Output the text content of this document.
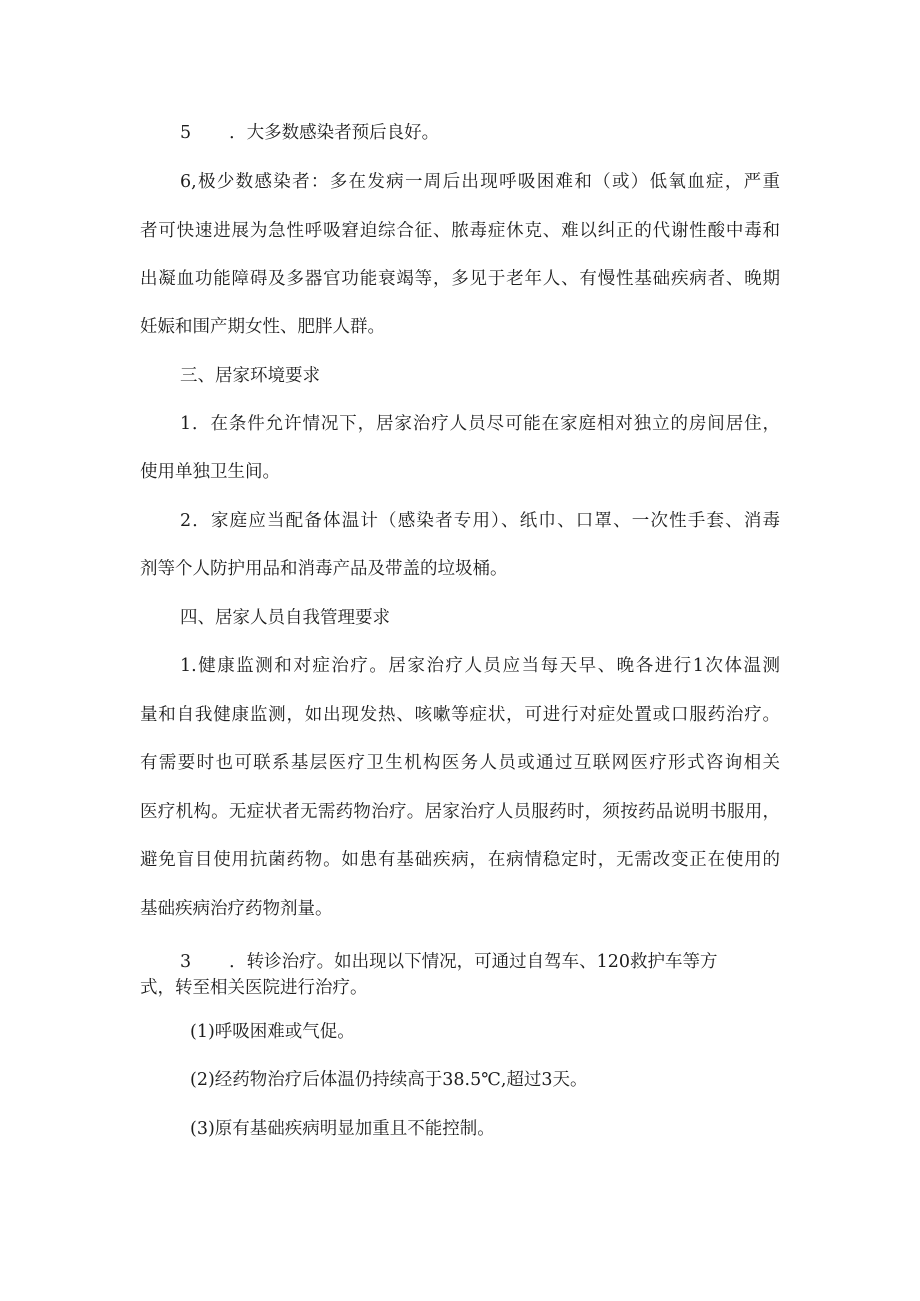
5 ．大多数感染者预后良好。
6,极少数感染者：多在发病一周后出现呼吸困难和（或）低氧血症，严重
者可快速进展为急性呼吸窘迫综合征、脓毒症休克、难以纠正的代谢性酸中毒和
出凝血功能障碍及多器官功能衰竭等，多见于老年人、有慢性基础疾病者、晚期
妊娠和围产期女性、肥胖人群。
三、居家环境要求
1．在条件允许情况下，居家治疗人员尽可能在家庭相对独立的房间居住，
使用单独卫生间。
2．家庭应当配备体温计（感染者专用）、纸巾、口罩、一次性手套、消毒
剂等个人防护用品和消毒产品及带盖的垃圾桶。
四、居家人员自我管理要求
1.健康监测和对症治疗。居家治疗人员应当每天早、晚各进行1次体温测
量和自我健康监测，如出现发热、咳嗽等症状，可进行对症处置或口服药治疗。
有需要时也可联系基层医疗卫生机构医务人员或通过互联网医疗形式咨询相关
医疗机构。无症状者无需药物治疗。居家治疗人员服药时，须按药品说明书服用，
避免盲目使用抗菌药物。如患有基础疾病，在病情稳定时，无需改变正在使用的
基础疾病治疗药物剂量。
3 ．转诊治疗。如出现以下情况，可通过自驾车、120救护车等方
式，转至相关医院进行治疗。
(1)呼吸困难或气促。
(2)经药物治疗后体温仍持续高于38.5℃,超过3天。
(3)原有基础疾病明显加重且不能控制。
